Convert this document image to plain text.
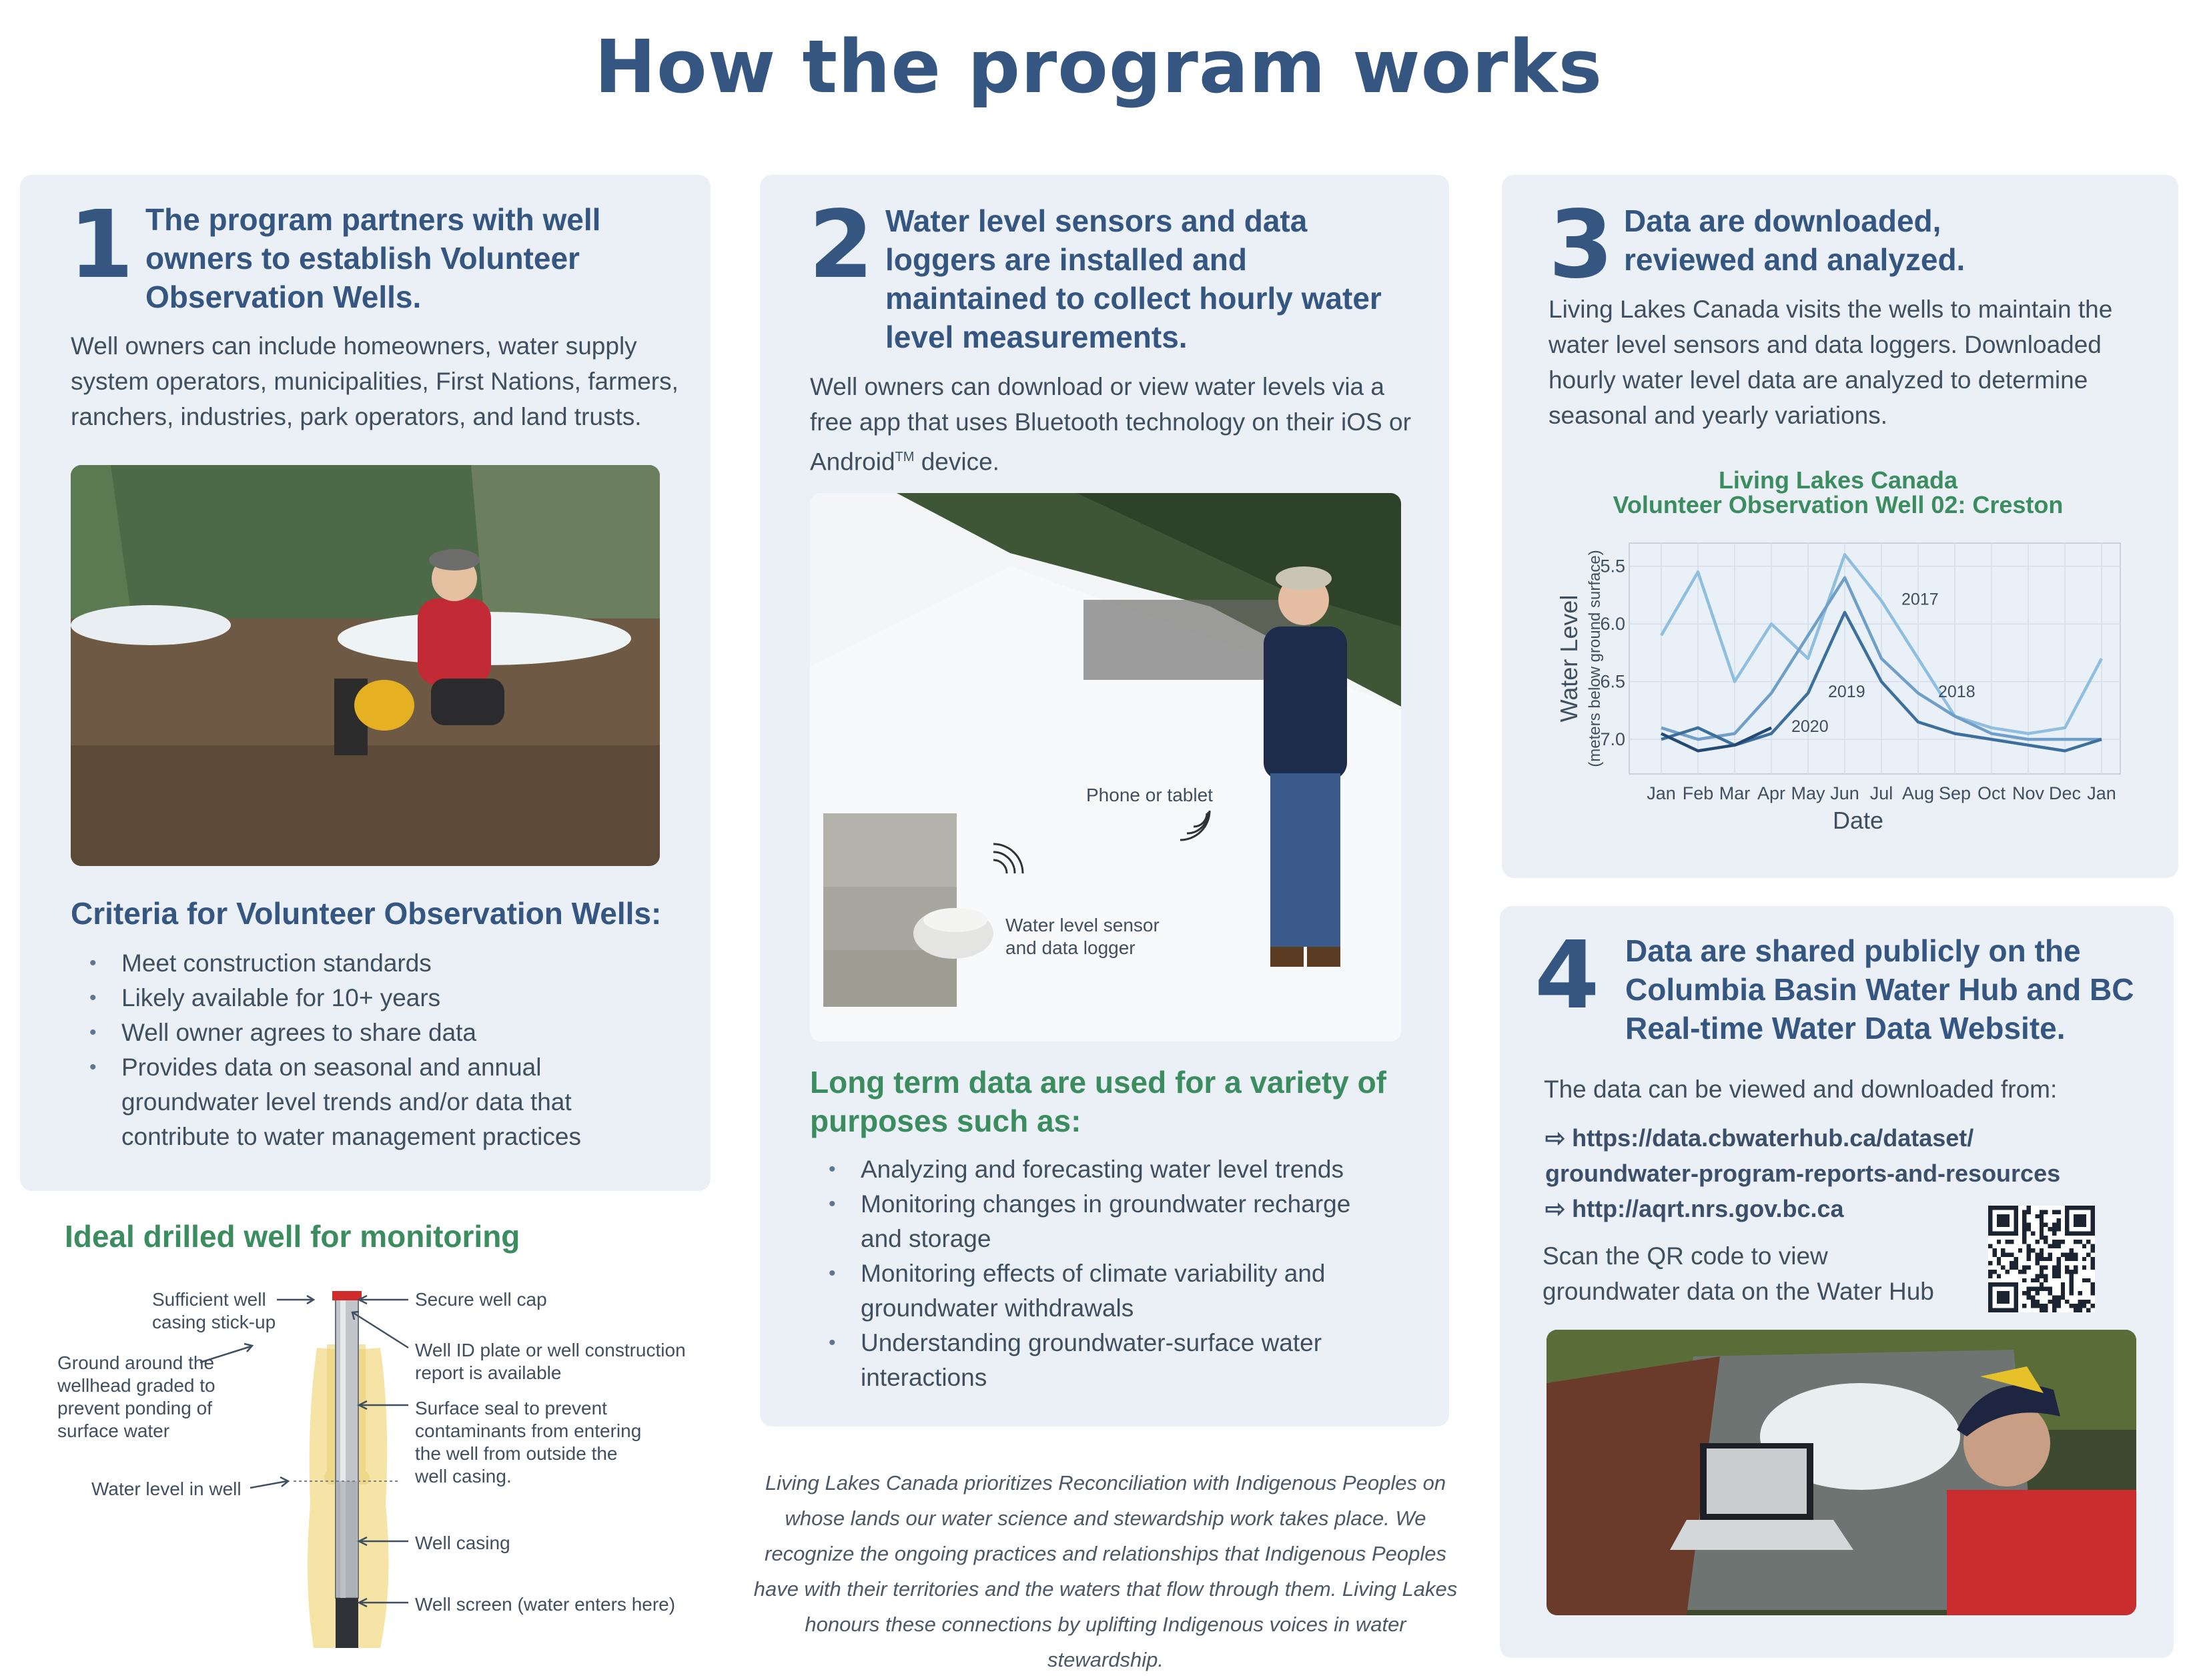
How the program works
1 The program partners with well owners to establish Volunteer Observation Wells.
Well owners can include homeowners, water supply system operators, municipalities, First Nations, farmers, ranchers, industries, park operators, and land trusts.
Criteria for Volunteer Observation Wells:
• Meet construction standards
• Likely available for 10+ years
• Well owner agrees to share data
• Provides data on seasonal and annual groundwater level trends and/or data that contribute to water management practices
2 Water level sensors and data loggers are installed and maintained to collect hourly water level measurements.
Well owners can download or view water levels via a free app that uses Bluetooth technology on their iOS or Android™ device.
Phone or tablet
Water level sensor and data logger
Long term data are used for a variety of purposes such as:
• Analyzing and forecasting water level trends
• Monitoring changes in groundwater recharge and storage
• Monitoring effects of climate variability and groundwater withdrawals
• Understanding groundwater-surface water interactions
3 Data are downloaded, reviewed and analyzed.
Living Lakes Canada visits the wells to maintain the water level sensors and data loggers. Downloaded hourly water level data are analyzed to determine seasonal and yearly variations.
Living Lakes Canada
Volunteer Observation Well 02: Creston
5.5
6.0
6.5
7.0
Jan Feb Mar Apr May Jun Jul Aug Sep Oct Nov Dec Jan
2017
2018
2019
2020
Date
Water Level (meters below ground surface)
4 Data are shared publicly on the Columbia Basin Water Hub and BC Real-time Water Data Website.
The data can be viewed and downloaded from:
⇨ https://data.cbwaterhub.ca/dataset/
groundwater-program-reports-and-resources
⇨ http://aqrt.nrs.gov.bc.ca
Scan the QR code to view groundwater data on the Water Hub
Ideal drilled well for monitoring
Sufficient well casing stick-up
Ground around the wellhead graded to prevent ponding of surface water
Water level in well
Secure well cap
Well ID plate or well construction report is available
Surface seal to prevent contaminants from entering the well from outside the well casing.
Well casing
Well screen (water enters here)
Living Lakes Canada prioritizes Reconciliation with Indigenous Peoples on whose lands our water science and stewardship work takes place. We recognize the ongoing practices and relationships that Indigenous Peoples have with their territories and the waters that flow through them. Living Lakes honours these connections by uplifting Indigenous voices in water stewardship.
